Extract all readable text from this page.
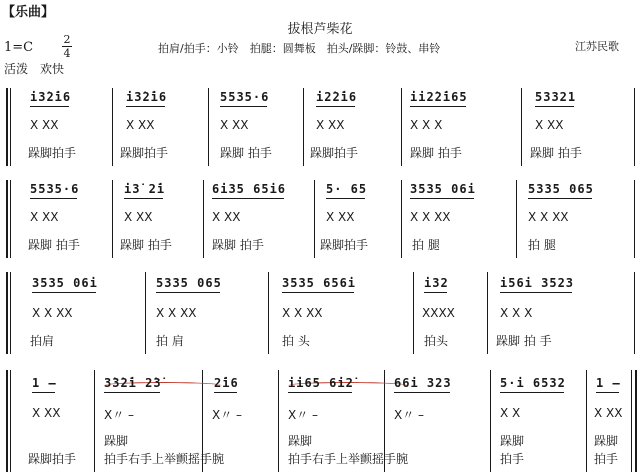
【乐曲】
拔根芦柴花
拍肩/拍手：小铃　拍腿：圆舞板　拍头/跺脚：铃鼓、串铃	江苏民歌
1=C
2
4
活泼　欢快
i3̇2̇i6
X XX
跺脚拍手
i3̇2̇i6
X XX
跺脚拍手
5535·6
X XX
跺脚 拍手
i2̇2̇i6
X XX
跺脚拍手
ii2̇2̇i65
X X X
跺脚 拍手
53321
X XX
跺脚 拍手
5535·6
X XX
跺脚 拍手
i3̇ 2̇i
X XX
跺脚 拍手
6i35 65i6
X XX
跺脚 拍手
5· 65
X XX
跺脚拍手
3535 06i
X X XX
拍 腿
5335 065
X X XX
拍 腿
3535 06i
X X XX
拍肩
5335 065
X X XX
拍 肩
3535 656i
X X XX
拍 头
i32
XXXX
拍头
i56i 3523
X X X
跺脚 拍 手
1 –
X XX
跺脚拍手
3̇3̇2̇i 2̇3̇
X〃 –
跺脚
拍手右手上举颤摇手腕
2̇i6
X〃 –
ii65 6i2̇
X〃 –
跺脚
拍手右手上举颤摇手腕
66i 323
X〃 –
5·i 6532
X X
跺脚
拍手
1 –
X XX
跺脚
拍手
